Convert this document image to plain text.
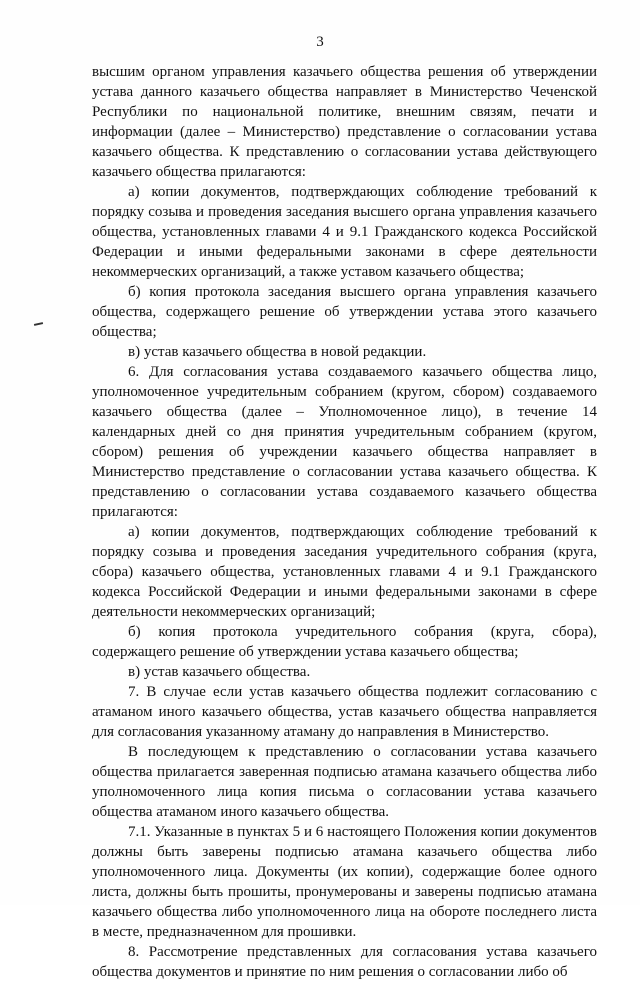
3

высшим органом управления казачьего общества решения об утверждении устава данного казачьего общества направляет в Министерство Чеченской Республики по национальной политике, внешним связям, печати и информации (далее – Министерство) представление о согласовании устава казачьего общества. К представлению о согласовании устава действующего казачьего общества прилагаются:

а) копии документов, подтверждающих соблюдение требований к порядку созыва и проведения заседания высшего органа управления казачьего общества, установленных главами 4 и 9.1 Гражданского кодекса Российской Федерации и иными федеральными законами в сфере деятельности некоммерческих организаций, а также уставом казачьего общества;

б) копия протокола заседания высшего органа управления казачьего общества, содержащего решение об утверждении устава этого казачьего общества;

в) устав казачьего общества в новой редакции.

6. Для согласования устава создаваемого казачьего общества лицо, уполномоченное учредительным собранием (кругом, сбором) создаваемого казачьего общества (далее – Уполномоченное лицо), в течение 14 календарных дней со дня принятия учредительным собранием (кругом, сбором) решения об учреждении казачьего общества направляет в Министерство представление о согласовании устава казачьего общества. К представлению о согласовании устава создаваемого казачьего общества прилагаются:

а) копии документов, подтверждающих соблюдение требований к порядку созыва и проведения заседания учредительного собрания (круга, сбора) казачьего общества, установленных главами 4 и 9.1 Гражданского кодекса Российской Федерации и иными федеральными законами в сфере деятельности некоммерческих организаций;

б) копия протокола учредительного собрания (круга, сбора), содержащего решение об утверждении устава казачьего общества;

в) устав казачьего общества.

7. В случае если устав казачьего общества подлежит согласованию с атаманом иного казачьего общества, устав казачьего общества направляется для согласования указанному атаману до направления в Министерство.

В последующем к представлению о согласовании устава казачьего общества прилагается заверенная подписью атамана казачьего общества либо уполномоченного лица копия письма о согласовании устава казачьего общества атаманом иного казачьего общества.

7.1. Указанные в пунктах 5 и 6 настоящего Положения копии документов должны быть заверены подписью атамана казачьего общества либо уполномоченного лица. Документы (их копии), содержащие более одного листа, должны быть прошиты, пронумерованы и заверены подписью атамана казачьего общества либо уполномоченного лица на обороте последнего листа в месте, предназначенном для прошивки.

8. Рассмотрение представленных для согласования устава казачьего общества документов и принятие по ним решения о согласовании либо об
